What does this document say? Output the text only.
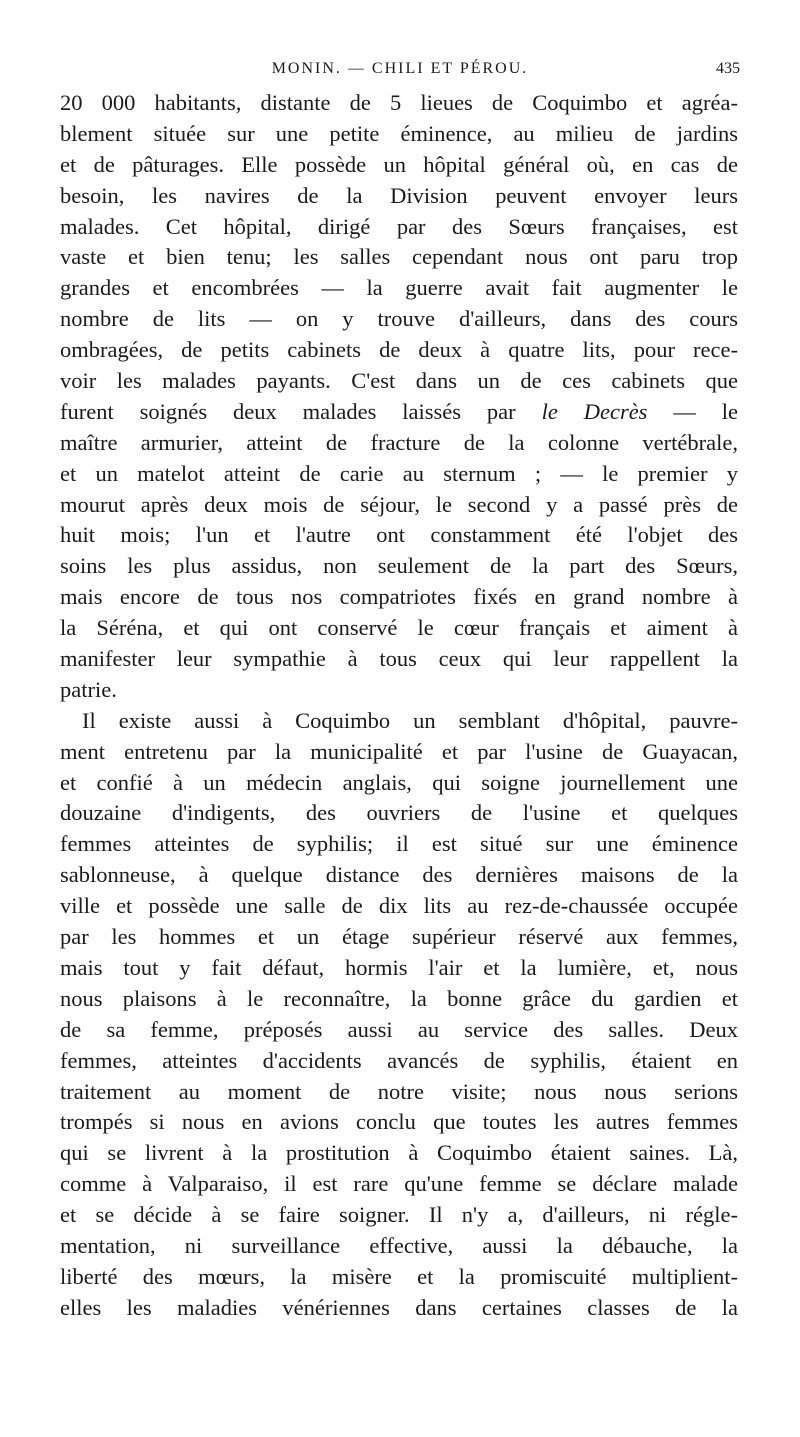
MONIN. — CHILI ET PÉROU.	435
20 000 habitants, distante de 5 lieues de Coquimbo et agréa-
blement située sur une petite éminence, au milieu de jardins
et de pâturages. Elle possède un hôpital général où, en cas de
besoin, les navires de la Division peuvent envoyer leurs
malades. Cet hôpital, dirigé par des Sœurs françaises, est
vaste et bien tenu; les salles cependant nous ont paru trop
grandes et encombrées — la guerre avait fait augmenter le
nombre de lits — on y trouve d'ailleurs, dans des cours
ombragées, de petits cabinets de deux à quatre lits, pour rece-
voir les malades payants. C'est dans un de ces cabinets que
furent soignés deux malades laissés par le Decrès — le
maître armurier, atteint de fracture de la colonne vertébrale,
et un matelot atteint de carie au sternum ; — le premier y
mourut après deux mois de séjour, le second y a passé près de
huit mois; l'un et l'autre ont constamment été l'objet des
soins les plus assidus, non seulement de la part des Sœurs,
mais encore de tous nos compatriotes fixés en grand nombre à
la Séréna, et qui ont conservé le cœur français et aiment à
manifester leur sympathie à tous ceux qui leur rappellent la
patrie.
Il existe aussi à Coquimbo un semblant d'hôpital, pauvre-
ment entretenu par la municipalité et par l'usine de Guayacan,
et confié à un médecin anglais, qui soigne journellement une
douzaine d'indigents, des ouvriers de l'usine et quelques
femmes atteintes de syphilis; il est situé sur une éminence
sablonneuse, à quelque distance des dernières maisons de la
ville et possède une salle de dix lits au rez-de-chaussée occupée
par les hommes et un étage supérieur réservé aux femmes,
mais tout y fait défaut, hormis l'air et la lumière, et, nous
nous plaisons à le reconnaître, la bonne grâce du gardien et
de sa femme, préposés aussi au service des salles. Deux
femmes, atteintes d'accidents avancés de syphilis, étaient en
traitement au moment de notre visite; nous nous serions
trompés si nous en avions conclu que toutes les autres femmes
qui se livrent à la prostitution à Coquimbo étaient saines. Là,
comme à Valparaiso, il est rare qu'une femme se déclare malade
et se décide à se faire soigner. Il n'y a, d'ailleurs, ni régle-
mentation, ni surveillance effective, aussi la débauche, la
liberté des mœurs, la misère et la promiscuité multiplient-
elles les maladies vénériennes dans certaines classes de la
